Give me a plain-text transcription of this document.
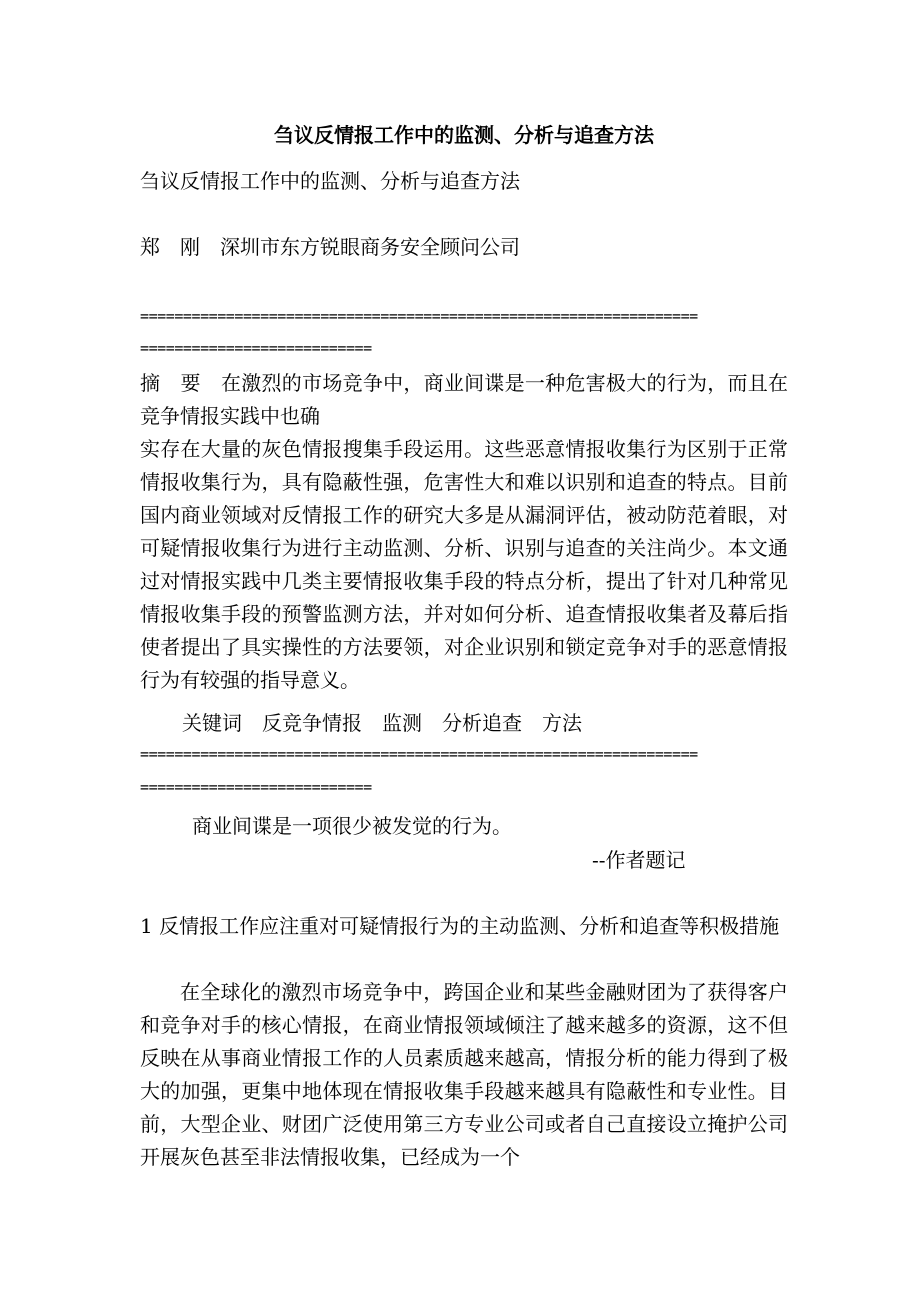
刍议反情报工作中的监测、分析与追查方法

刍议反情报工作中的监测、分析与追查方法

郑　刚　深圳市东方锐眼商务安全顾问公司

=================================================================

===========================

摘　要　在激烈的市场竞争中，商业间谍是一种危害极大的行为，而且在竞争情报实践中也确

实存在大量的灰色情报搜集手段运用。这些恶意情报收集行为区别于正常情报收集行为，具有隐蔽性强，危害性大和难以识别和追查的特点。目前国内商业领域对反情报工作的研究大多是从漏洞评估，被动防范着眼，对可疑情报收集行为进行主动监测、分析、识别与追查的关注尚少。本文通过对情报实践中几类主要情报收集手段的特点分析，提出了针对几种常见情报收集手段的预警监测方法，并对如何分析、追查情报收集者及幕后指使者提出了具实操性的方法要领，对企业识别和锁定竞争对手的恶意情报行为有较强的指导意义。

关键词　反竞争情报　监测　分析追查　方法

=================================================================

===========================

商业间谍是一项很少被发觉的行为。

--作者题记

1 反情报工作应注重对可疑情报行为的主动监测、分析和追查等积极措施

在全球化的激烈市场竞争中，跨国企业和某些金融财团为了获得客户和竞争对手的核心情报，在商业情报领域倾注了越来越多的资源，这不但反映在从事商业情报工作的人员素质越来越高，情报分析的能力得到了极大的加强，更集中地体现在情报收集手段越来越具有隐蔽性和专业性。目前，大型企业、财团广泛使用第三方专业公司或者自己直接设立掩护公司开展灰色甚至非法情报收集，已经成为一个
